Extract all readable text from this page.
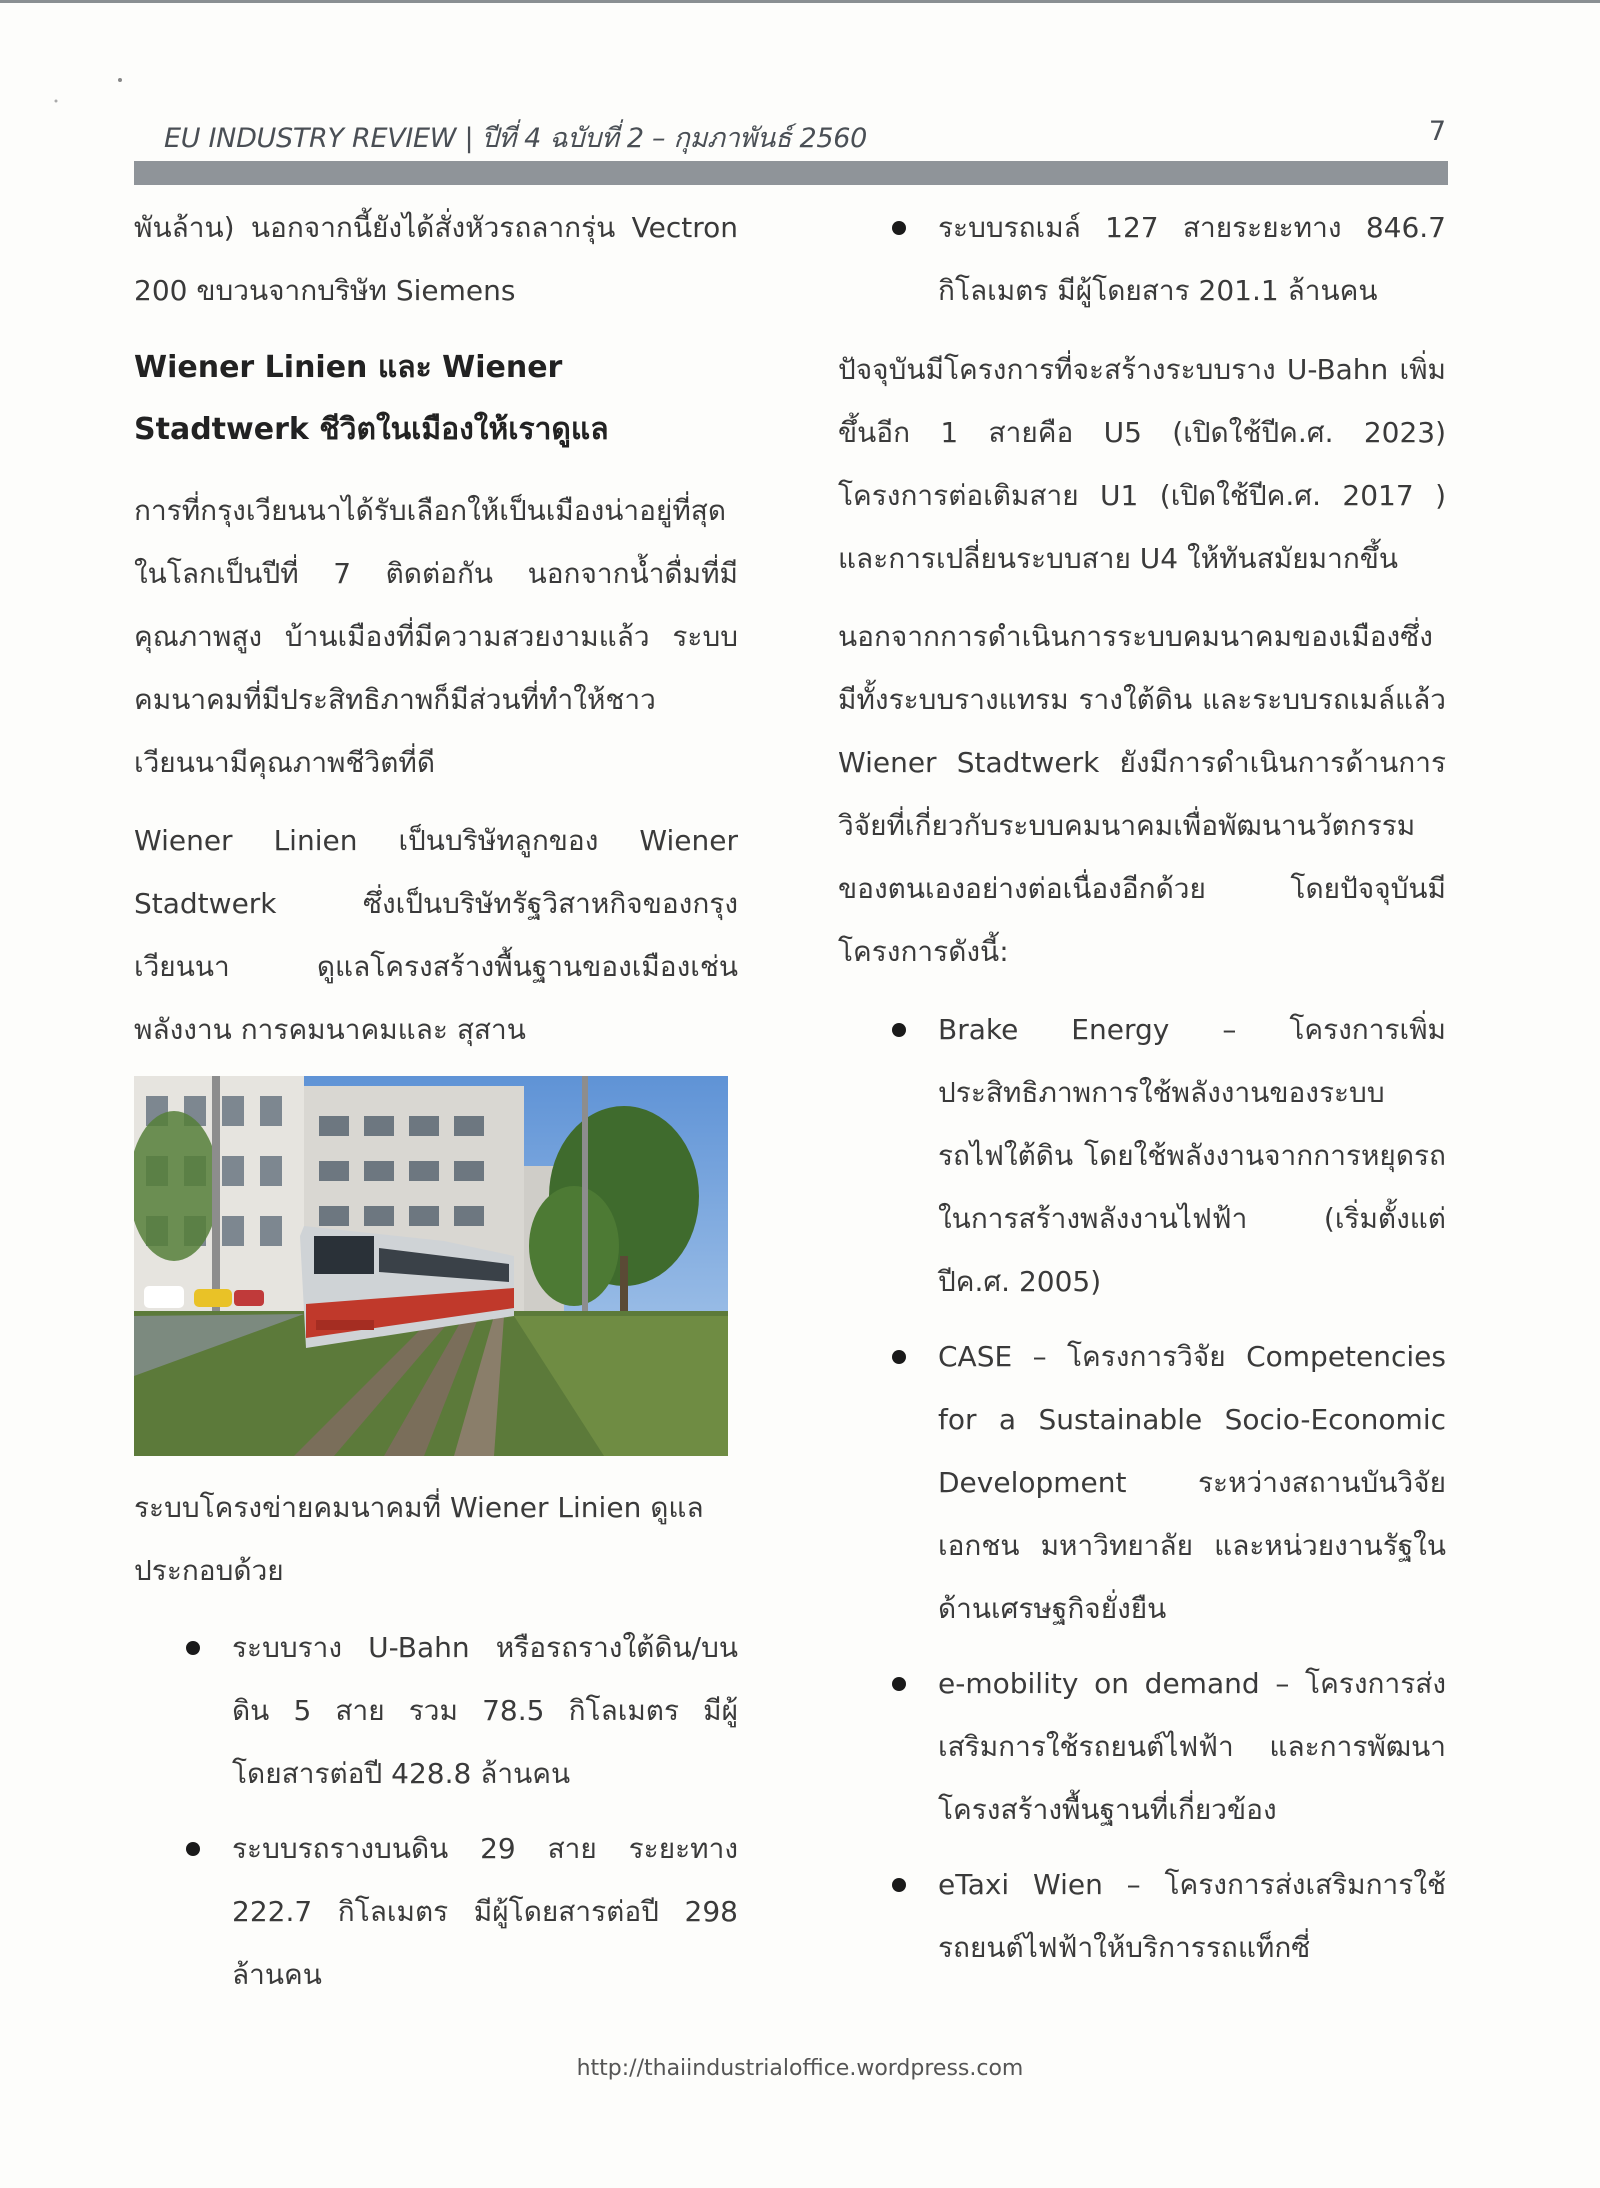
EU INDUSTRY REVIEW | ปีที่ 4 ฉบับที่ 2 – กุมภาพันธ์ 2560	7

พันล้าน) นอกจากนี้ยังได้สั่งหัวรถลากรุ่น Vectron 200 ขบวนจากบริษัท Siemens

Wiener Linien และ Wiener Stadtwerk ชีวิตในเมืองให้เราดูแล

การที่กรุงเวียนนาได้รับเลือกให้เป็นเมืองน่าอยู่ที่สุดในโลกเป็นปีที่ 7 ติดต่อกัน นอกจากน้ำดื่มที่มีคุณภาพสูง บ้านเมืองที่มีความสวยงามแล้ว ระบบคมนาคมที่มีประสิทธิภาพก็มีส่วนที่ทำให้ชาวเวียนนามีคุณภาพชีวิตที่ดี

Wiener Linien เป็นบริษัทลูกของ Wiener Stadtwerk ซึ่งเป็นบริษัทรัฐวิสาหกิจของกรุงเวียนนา ดูแลโครงสร้างพื้นฐานของเมืองเช่น พลังงาน การคมนาคมและ สุสาน

ระบบโครงข่ายคมนาคมที่ Wiener Linien ดูแลประกอบด้วย

ระบบราง U-Bahn หรือรถรางใต้ดิน/บนดิน 5 สาย รวม 78.5 กิโลเมตร มีผู้โดยสารต่อปี 428.8 ล้านคน
ระบบรถรางบนดิน 29 สาย ระยะทาง 222.7 กิโลเมตร มีผู้โดยสารต่อปี 298 ล้านคน
ระบบรถเมล์ 127 สายระยะทาง 846.7 กิโลเมตร มีผู้โดยสาร 201.1 ล้านคน

ปัจจุบันมีโครงการที่จะสร้างระบบราง U-Bahn เพิ่มขึ้นอีก 1 สายคือ U5 (เปิดใช้ปีค.ศ. 2023) โครงการต่อเติมสาย U1 (เปิดใช้ปีค.ศ. 2017 ) และการเปลี่ยนระบบสาย U4 ให้ทันสมัยมากขึ้น

นอกจากการดำเนินการระบบคมนาคมของเมืองซึ่งมีทั้งระบบรางแทรม รางใต้ดิน และระบบรถเมล์แล้ว Wiener Stadtwerk ยังมีการดำเนินการด้านการวิจัยที่เกี่ยวกับระบบคมนาคมเพื่อพัฒนานวัตกรรมของตนเองอย่างต่อเนื่องอีกด้วย โดยปัจจุบันมีโครงการดังนี้:

Brake Energy – โครงการเพิ่มประสิทธิภาพการใช้พลังงานของระบบรถไฟใต้ดิน โดยใช้พลังงานจากการหยุดรถในการสร้างพลังงานไฟฟ้า (เริ่มตั้งแต่ปีค.ศ. 2005)
CASE – โครงการวิจัย Competencies for a Sustainable Socio-Economic Development ระหว่างสถานบันวิจัยเอกชน มหาวิทยาลัย และหน่วยงานรัฐในด้านเศรษฐกิจยั่งยืน
e-mobility on demand – โครงการส่งเสริมการใช้รถยนต์ไฟฟ้า และการพัฒนาโครงสร้างพื้นฐานที่เกี่ยวข้อง
eTaxi Wien – โครงการส่งเสริมการใช้รถยนต์ไฟฟ้าให้บริการรถแท็กซี่
http://thaiindustrialoffice.wordpress.com
